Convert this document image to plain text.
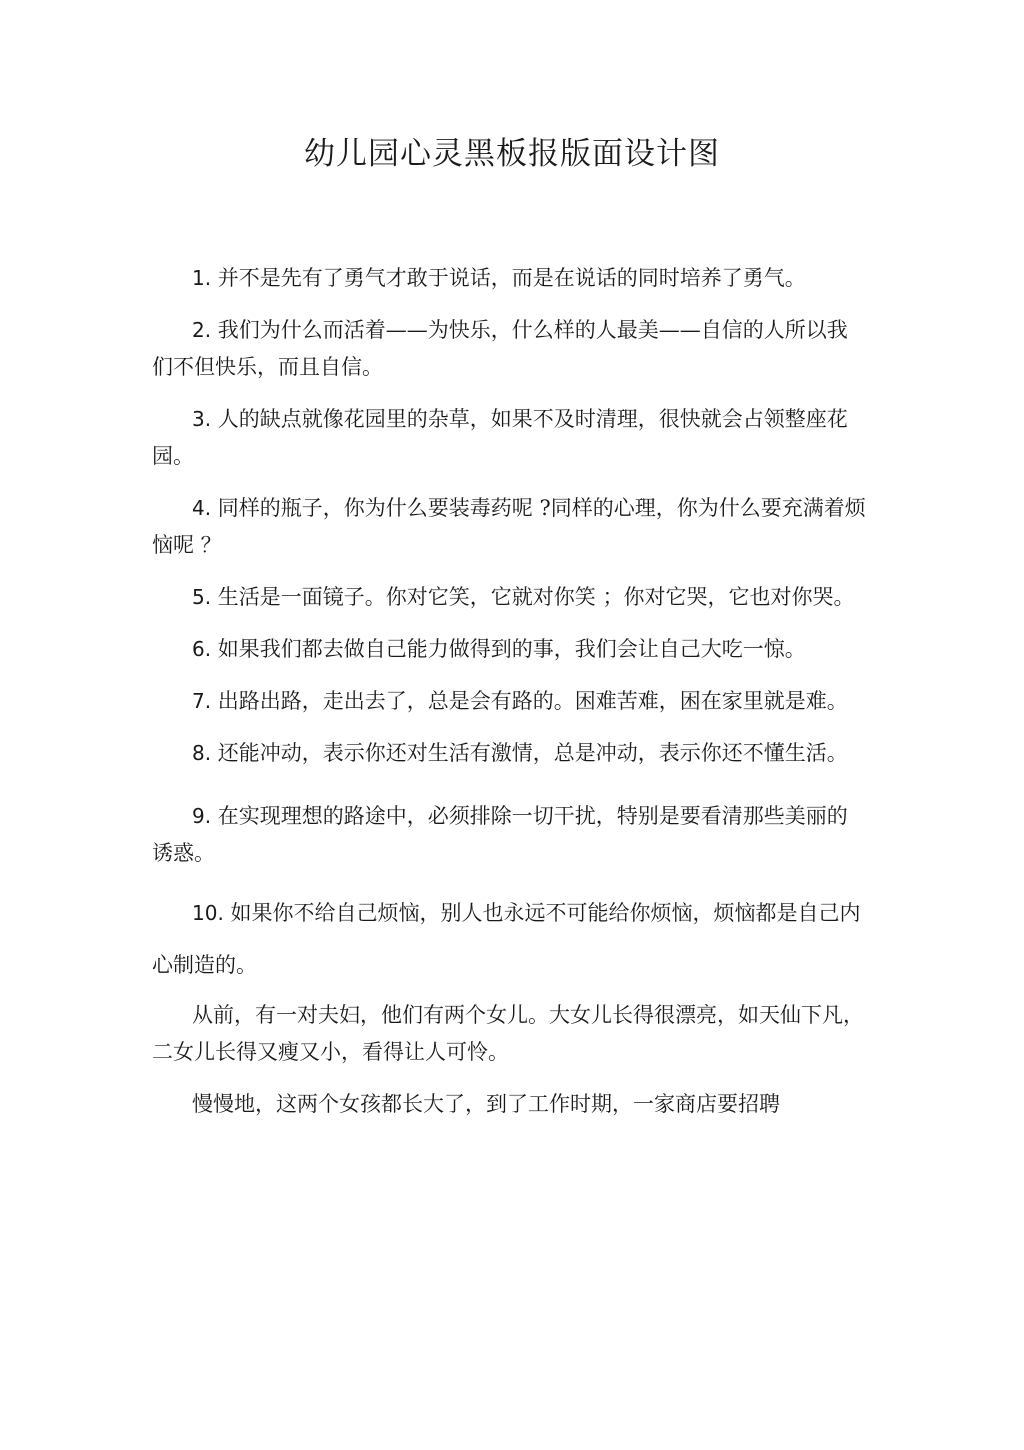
幼儿园心灵黑板报版面设计图

1. 并不是先有了勇气才敢于说话，而是在说话的同时培养了勇气。

2. 我们为什么而活着——为快乐，什么样的人最美——自信的人所以我们不但快乐，而且自信。

3. 人的缺点就像花园里的杂草，如果不及时清理，很快就会占领整座花园。

4. 同样的瓶子，你为什么要装毒药呢 ?同样的心理，你为什么要充满着烦恼呢 ？

5. 生活是一面镜子。你对它笑，它就对你笑 ；你对它哭，它也对你哭。

6. 如果我们都去做自己能力做得到的事，我们会让自己大吃一惊。

7. 出路出路，走出去了，总是会有路的。困难苦难，困在家里就是难。

8. 还能冲动，表示你还对生活有激情，总是冲动，表示你还不懂生活。

9. 在实现理想的路途中，必须排除一切干扰，特别是要看清那些美丽的诱惑。

10. 如果你不给自己烦恼，别人也永远不可能给你烦恼，烦恼都是自己内心制造的。

从前，有一对夫妇，他们有两个女儿。大女儿长得很漂亮，如天仙下凡，二女儿长得又瘦又小，看得让人可怜。

慢慢地，这两个女孩都长大了，到了工作时期，一家商店要招聘
